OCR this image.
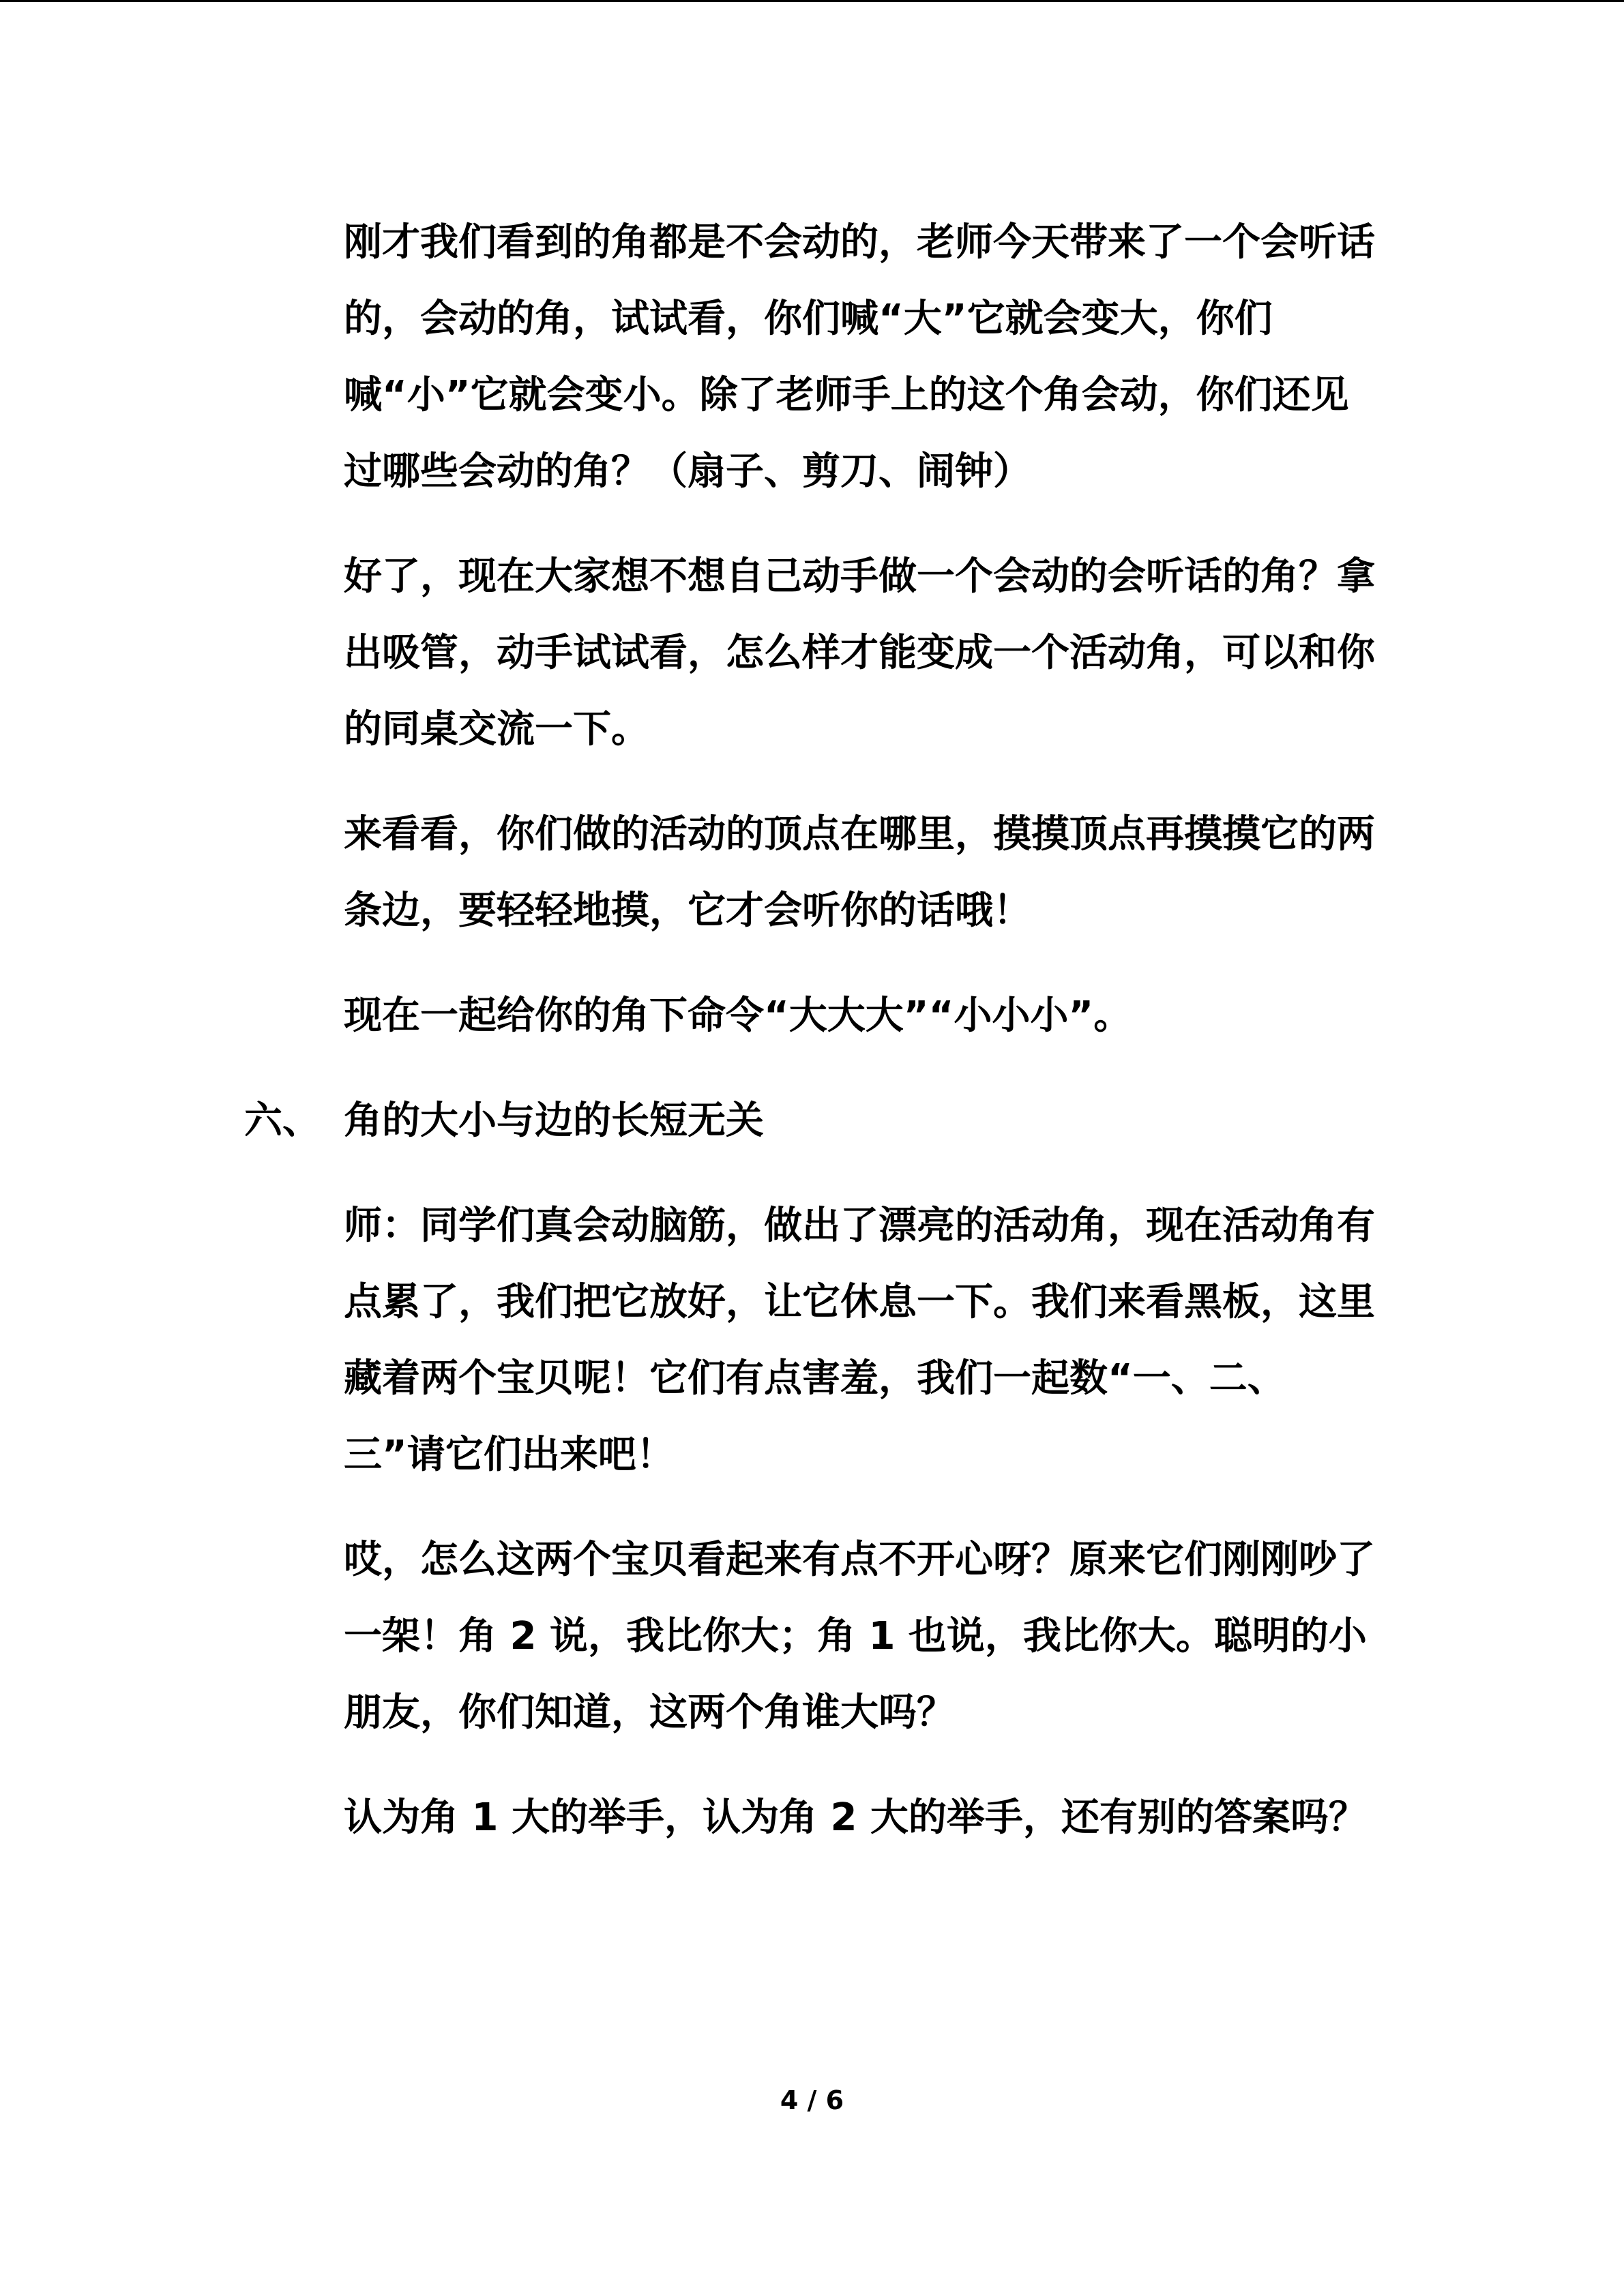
刚才我们看到的角都是不会动的，老师今天带来了一个会听话的，会动的角，试试看，你们喊“大”它就会变大，你们喊“小”它就会变小。除了老师手上的这个角会动，你们还见过哪些会动的角？（扇子、剪刀、闹钟）

好了，现在大家想不想自己动手做一个会动的会听话的角？拿出吸管，动手试试看，怎么样才能变成一个活动角，可以和你的同桌交流一下。

来看看，你们做的活动的顶点在哪里，摸摸顶点再摸摸它的两条边，要轻轻地摸，它才会听你的话哦！

现在一起给你的角下命令“大大大”“小小小”。

六、 角的大小与边的长短无关

师：同学们真会动脑筋，做出了漂亮的活动角，现在活动角有点累了，我们把它放好，让它休息一下。我们来看黑板，这里藏着两个宝贝呢！它们有点害羞，我们一起数“一、二、三”请它们出来吧！

哎，怎么这两个宝贝看起来有点不开心呀？原来它们刚刚吵了一架！角 2 说，我比你大；角 1 也说，我比你大。聪明的小朋友，你们知道，这两个角谁大吗？

认为角 1 大的举手，认为角 2 大的举手，还有别的答案吗？

4 / 6
